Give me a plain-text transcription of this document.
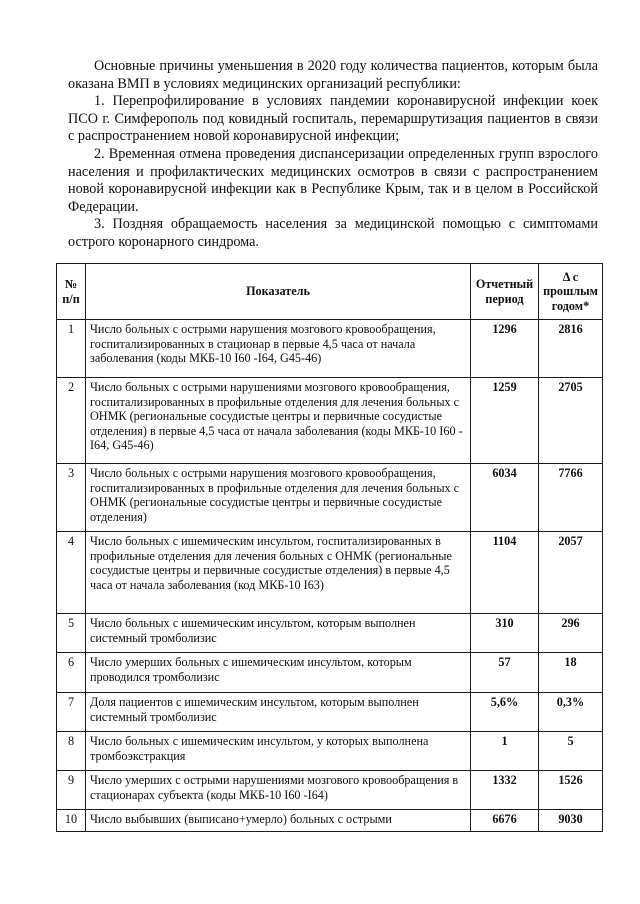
Основные причины уменьшения в 2020 году количества пациентов, которым была оказана ВМП в условиях медицинских организаций республики:

1. Перепрофилирование в условиях пандемии коронавирусной инфекции коек ПСО г. Симферополь под ковидный госпиталь, перемаршрутизация пациентов в связи с распространением новой коронавирусной инфекции;

2. Временная отмена проведения диспансеризации определенных групп взрослого населения и профилактических медицинских осмотров в связи с распространением новой коронавирусной инфекции как в Республике Крым, так и в целом в Российской Федерации.

3. Поздняя обращаемость населения за медицинской помощью с симптомами острого коронарного синдрома.

№ п/п	Показатель	Отчетный период	Δ с прошлым годом*
1	Число больных с острыми нарушения мозгового кровообращения, госпитализированных в стационар в первые 4,5 часа от начала заболевания (коды МКБ-10 I60 -I64, G45-46)	1296	2816
2	Число больных с острыми нарушениями мозгового кровообращения, госпитализированных в профильные отделения для лечения больных с ОНМК (региональные сосудистые центры и первичные сосудистые отделения) в первые 4,5 часа от начала заболевания (коды МКБ-10 I60 -I64, G45-46)	1259	2705
3	Число больных с острыми нарушения мозгового кровообращения, госпитализированных в профильные отделения для лечения больных с ОНМК (региональные сосудистые центры и первичные сосудистые отделения)	6034	7766
4	Число больных с ишемическим инсультом, госпитализированных в профильные отделения для лечения больных с ОНМК (региональные сосудистые центры и первичные сосудистые отделения) в первые 4,5 часа от начала заболевания (код МКБ-10 I63)	1104	2057
5	Число больных с ишемическим инсультом, которым выполнен системный тромболизис	310	296
6	Число умерших больных с ишемическим инсультом, которым проводился тромболизис	57	18
7	Доля пациентов с ишемическим инсультом, которым выполнен системный тромболизис	5,6%	0,3%
8	Число больных с ишемическим инсультом, у которых выполнена тромбоэкстракция	1	5
9	Число умерших с острыми нарушениями мозгового кровообращения в стационарах субъекта (коды МКБ-10 I60 -I64)	1332	1526
10	Число выбывших (выписано+умерло) больных с острыми	6676	9030
